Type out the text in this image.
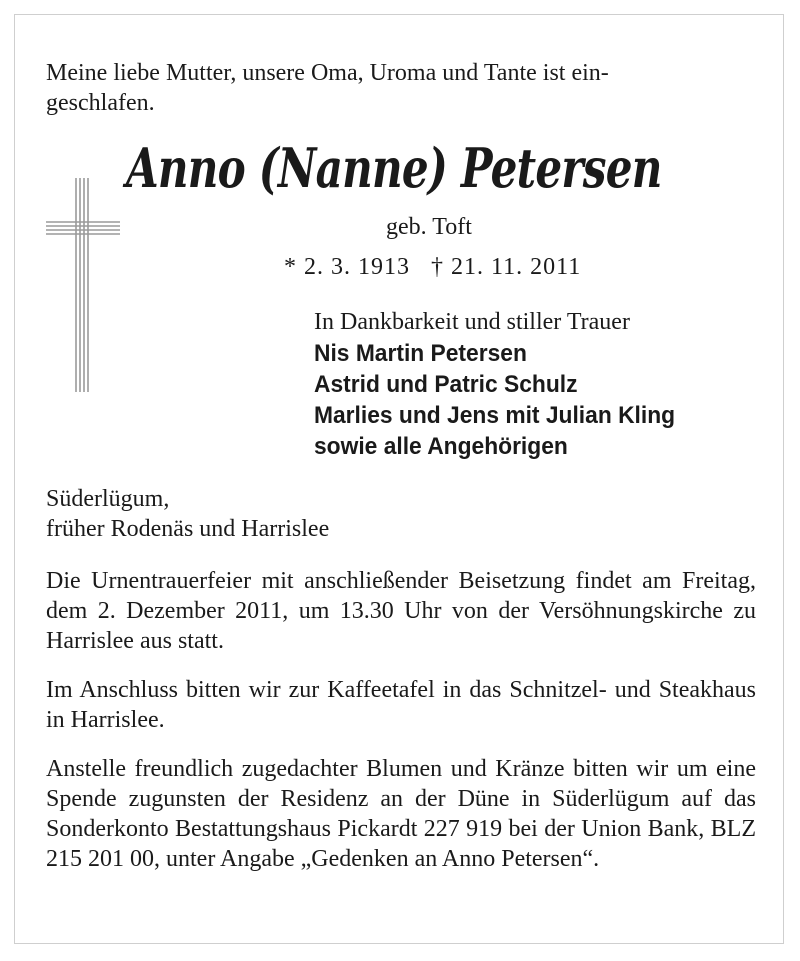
Meine liebe Mutter, unsere Oma, Uroma und Tante ist ein-
geschlafen.
Anno (Nanne) Petersen
geb. Toft
* 2. 3. 1913   † 21. 11. 2011
In Dankbarkeit und stiller Trauer
Nis Martin Petersen
Astrid und Patric Schulz
Marlies und Jens mit Julian Kling
sowie alle Angehörigen
Süderlügum,
früher Rodenäs und Harrislee

Die Urnentrauerfeier mit anschließender Beisetzung findet am Freitag, dem 2. Dezember 2011, um 13.30 Uhr von der Versöhnungskirche zu Harrislee aus statt.

Im Anschluss bitten wir zur Kaffeetafel in das Schnitzel- und Steakhaus in Harrislee.

Anstelle freundlich zugedachter Blumen und Kränze bitten wir um eine Spende zugunsten der Residenz an der Düne in Süderlügum auf das Sonderkonto Bestattungshaus Pickardt 227 919 bei der Union Bank, BLZ 215 201 00, unter Angabe „Gedenken an Anno Petersen“.
